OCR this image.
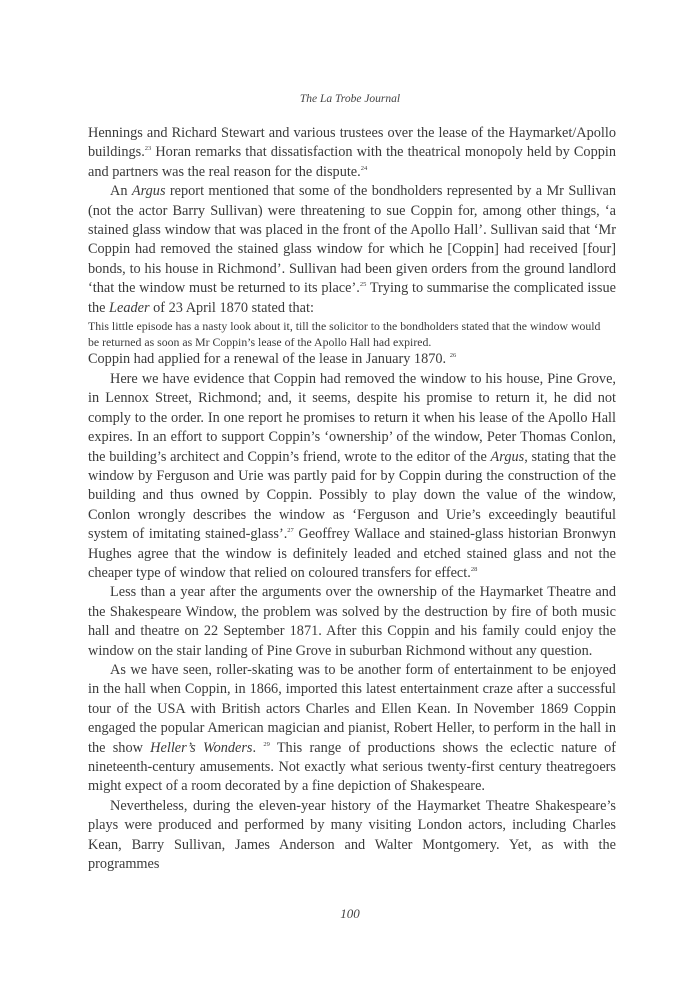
The La Trobe Journal

Hennings and Richard Stewart and various trustees over the lease of the Haymarket/Apollo buildings.$^{23}$ Horan remarks that dissatisfaction with the theatrical monopoly held by Coppin and partners was the real reason for the dispute.$^{24}$

An Argus report mentioned that some of the bondholders represented by a Mr Sullivan (not the actor Barry Sullivan) were threatening to sue Coppin for, among other things, ‘a stained glass window that was placed in the front of the Apollo Hall’. Sullivan said that ‘Mr Coppin had removed the stained glass window for which he [Coppin] had received [four] bonds, to his house in Richmond’. Sullivan had been given orders from the ground landlord ‘that the window must be returned to its place’.$^{25}$ Trying to summarise the complicated issue the Leader of 23 April 1870 stated that:

This little episode has a nasty look about it, till the solicitor to the bondholders stated that the window would be returned as soon as Mr Coppin’s lease of the Apollo Hall had expired.

Coppin had applied for a renewal of the lease in January 1870. $^{26}$

Here we have evidence that Coppin had removed the window to his house, Pine Grove, in Lennox Street, Richmond; and, it seems, despite his promise to return it, he did not comply to the order. In one report he promises to return it when his lease of the Apollo Hall expires. In an effort to support Coppin’s ‘ownership’ of the window, Peter Thomas Conlon, the building’s architect and Coppin’s friend, wrote to the editor of the Argus, stating that the window by Ferguson and Urie was partly paid for by Coppin during the construction of the building and thus owned by Coppin. Possibly to play down the value of the window, Conlon wrongly describes the window as ‘Ferguson and Urie’s exceedingly beautiful system of imitating stained-glass’.$^{27}$ Geoffrey Wallace and stained-glass historian Bronwyn Hughes agree that the window is definitely leaded and etched stained glass and not the cheaper type of window that relied on coloured transfers for effect.$^{28}$

Less than a year after the arguments over the ownership of the Haymarket Theatre and the Shakespeare Window, the problem was solved by the destruction by fire of both music hall and theatre on 22 September 1871. After this Coppin and his family could enjoy the window on the stair landing of Pine Grove in suburban Richmond without any question.

As we have seen, roller-skating was to be another form of entertainment to be enjoyed in the hall when Coppin, in 1866, imported this latest entertainment craze after a successful tour of the USA with British actors Charles and Ellen Kean. In November 1869 Coppin engaged the popular American magician and pianist, Robert Heller, to perform in the hall in the show Heller’s Wonders. $^{29}$ This range of productions shows the eclectic nature of nineteenth-century amusements. Not exactly what serious twenty-first century theatregoers might expect of a room decorated by a fine depiction of Shakespeare.

Nevertheless, during the eleven-year history of the Haymarket Theatre Shakespeare’s plays were produced and performed by many visiting London actors, including Charles Kean, Barry Sullivan, James Anderson and Walter Montgomery. Yet, as with the programmes

100
